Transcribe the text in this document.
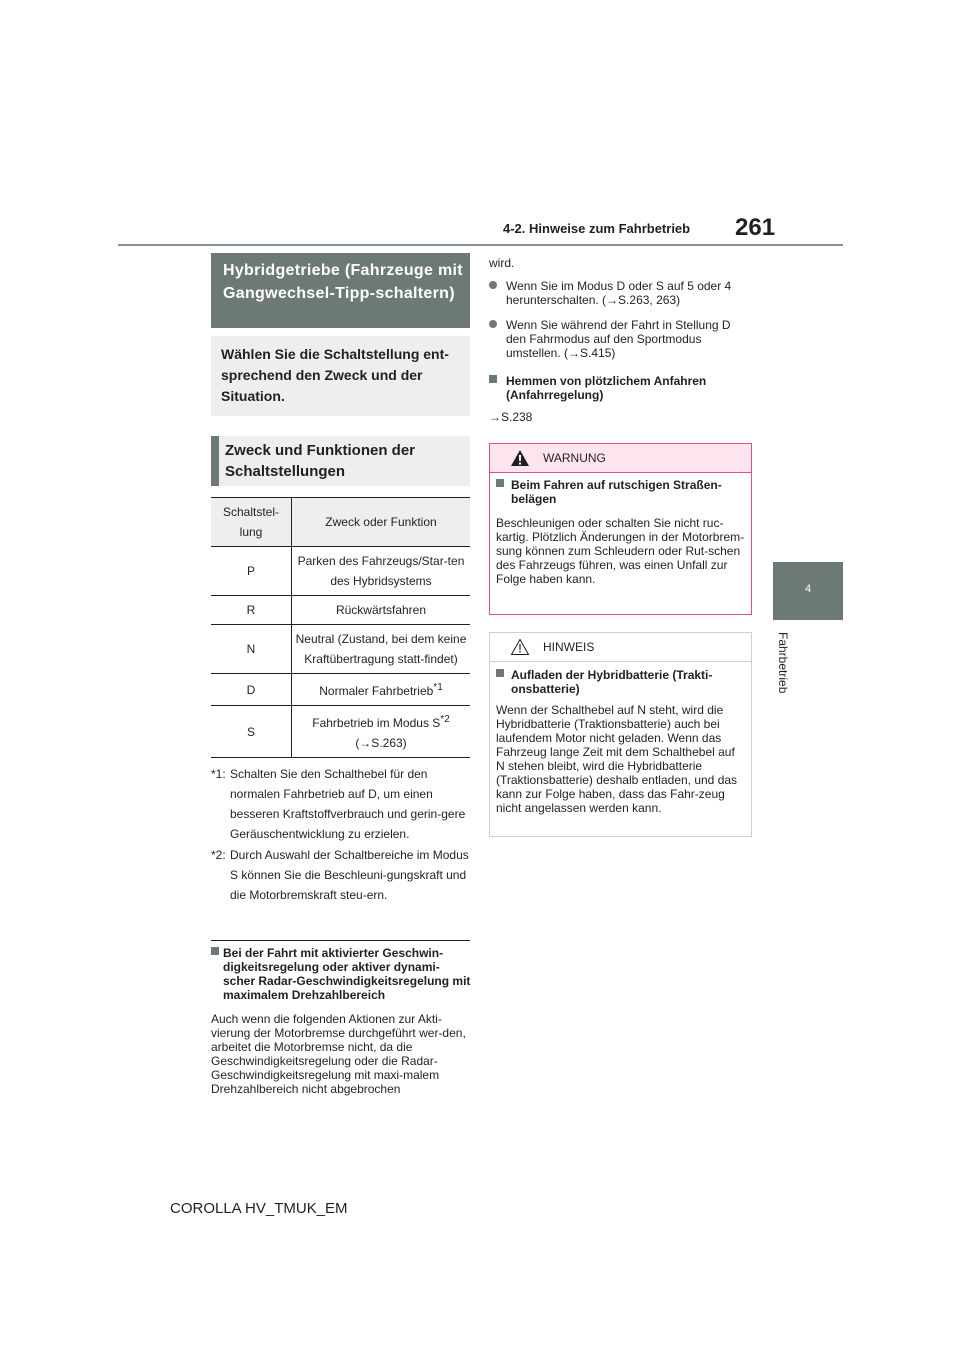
4-2. Hinweise zum Fahrbetrieb 261
4
Fahrbetrieb
Hybridgetriebe (Fahrzeuge mit Gangwechsel-Tipp-schaltern)
Wählen Sie die Schaltstellung ent-sprechend den Zweck und der Situation.
Zweck und Funktionen der Schaltstellungen
Schaltstel-lung	Zweck oder Funktion
P	Parken des Fahrzeugs/Star-ten des Hybridsystems
R	Rückwärtsfahren
N	Neutral (Zustand, bei dem keine Kraftübertragung statt-findet)
D	Normaler Fahrbetrieb$^{*1}$
S	Fahrbetrieb im Modus $S^{*2}$
(→S.263)
*1: Schalten Sie den Schalthebel für den normalen Fahrbetrieb auf D, um einen besseren Kraftstoffverbrauch und gerin-gere Geräuschentwicklung zu erzielen.
*2: Durch Auswahl der Schaltbereiche im Modus S können Sie die Beschleuni-gungskraft und die Motorbremskraft steu-ern.
Bei der Fahrt mit aktivierter Geschwin-digkeitsregelung oder aktiver dynami-scher Radar-Geschwindigkeitsregelung mit maximalem Drehzahlbereich
Auch wenn die folgenden Aktionen zur Akti-vierung der Motorbremse durchgeführt wer-den, arbeitet die Motorbremse nicht, da die Geschwindigkeitsregelung oder die Radar-Geschwindigkeitsregelung mit maxi-malem Drehzahlbereich nicht abgebrochen
wird.
Wenn Sie im Modus D oder S auf 5 oder 4 herunterschalten. (→S.263, 263)
Wenn Sie während der Fahrt in Stellung D den Fahrmodus auf den Sportmodus umstellen. (→S.415)
Hemmen von plötzlichem Anfahren (Anfahrregelung)
→S.238
WARNUNG
Beim Fahren auf rutschigen Straßen-belägen
Beschleunigen oder schalten Sie nicht ruc-kartig. Plötzlich Änderungen in der Motorbrem-sung können zum Schleudern oder Rut-schen des Fahrzeugs führen, was einen Unfall zur Folge haben kann.
HINWEIS
Aufladen der Hybridbatterie (Trakti-onsbatterie)
Wenn der Schalthebel auf N steht, wird die Hybridbatterie (Traktionsbatterie) auch bei laufendem Motor nicht geladen. Wenn das Fahrzeug lange Zeit mit dem Schalthebel auf N stehen bleibt, wird die Hybridbatterie (Traktionsbatterie) deshalb entladen, und das kann zur Folge haben, dass das Fahr-zeug nicht angelassen werden kann.
COROLLA HV_TMUK_EM
